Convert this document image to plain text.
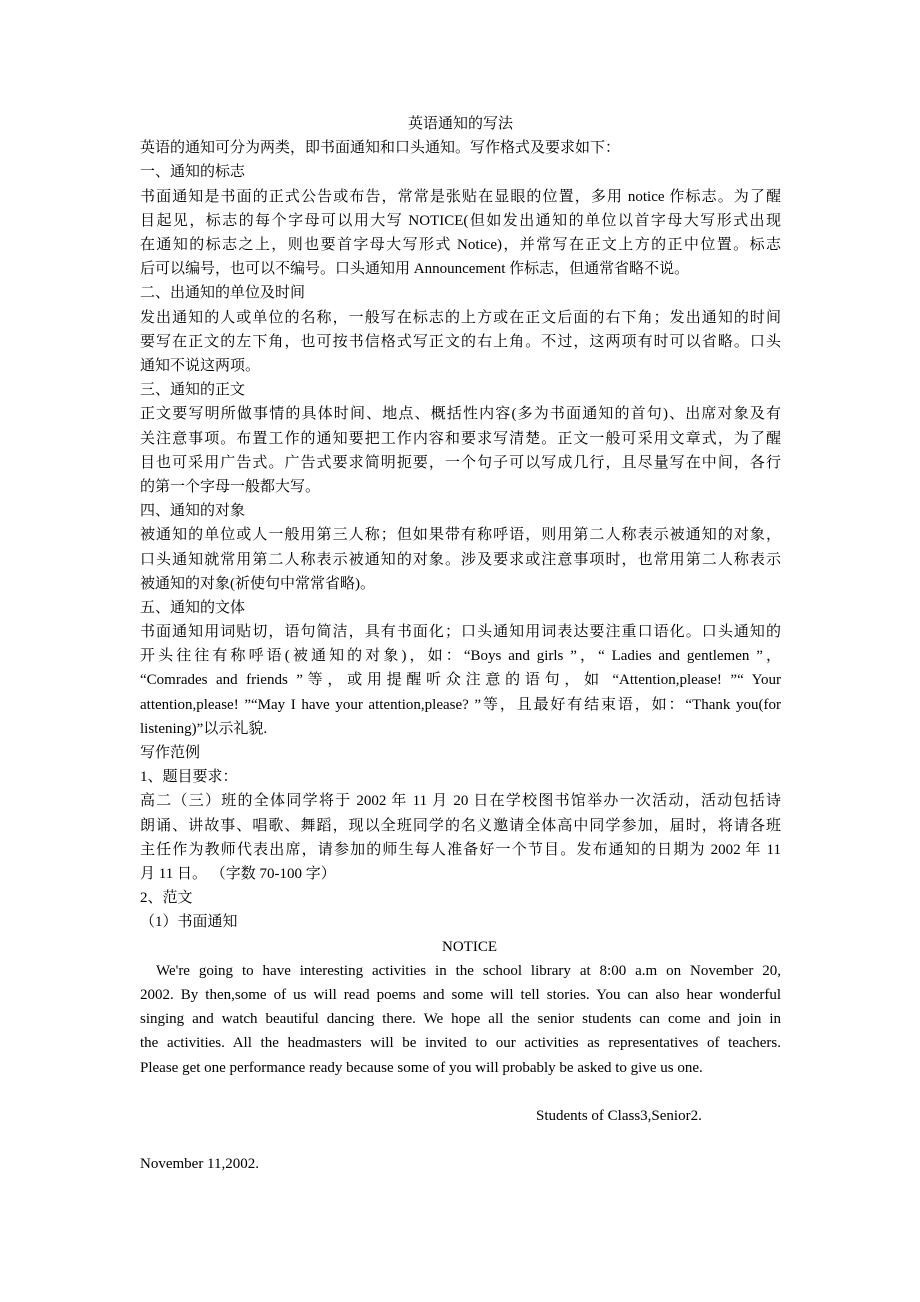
英语通知的写法
英语的通知可分为两类，即书面通知和口头通知。写作格式及要求如下：
一、通知的标志
书面通知是书面的正式公告或布告，常常是张贴在显眼的位置，多用 notice 作标志。为了醒
目起见，标志的每个字母可以用大写 NOTICE(但如发出通知的单位以首字母大写形式出现
在通知的标志之上，则也要首字母大写形式 Notice)，并常写在正文上方的正中位置。标志
后可以编号，也可以不编号。口头通知用 Announcement 作标志，但通常省略不说。
二、出通知的单位及时间
发出通知的人或单位的名称，一般写在标志的上方或在正文后面的右下角；发出通知的时间
要写在正文的左下角，也可按书信格式写正文的右上角。不过，这两项有时可以省略。口头
通知不说这两项。
三、通知的正文
正文要写明所做事情的具体时间、地点、概括性内容(多为书面通知的首句)、出席对象及有
关注意事项。布置工作的通知要把工作内容和要求写清楚。正文一般可采用文章式，为了醒
目也可采用广告式。广告式要求简明扼要，一个句子可以写成几行，且尽量写在中间，各行
的第一个字母一般都大写。
四、通知的对象
被通知的单位或人一般用第三人称；但如果带有称呼语，则用第二人称表示被通知的对象，
口头通知就常用第二人称表示被通知的对象。涉及要求或注意事项时，也常用第二人称表示
被通知的对象(祈使句中常常省略)。
五、通知的文体
书面通知用词贴切，语句简洁，具有书面化；口头通知用词表达要注重口语化。口头通知的
开头往往有称呼语(被通知的对象)，如：“Boys and girls ”，“ Ladies and gentlemen ”，
“Comrades and friends ”等，或用提醒听众注意的语句，如 “Attention,please! ”“ Your
attention,please! ”“May I have your attention,please? ”等，且最好有结束语，如：“Thank you(for
listening)”以示礼貌.
写作范例
1、题目要求：
高二（三）班的全体同学将于 2002 年 11 月 20 日在学校图书馆举办一次活动，活动包括诗
朗诵、讲故事、唱歌、舞蹈，现以全班同学的名义邀请全体高中同学参加，届时，将请各班
主任作为教师代表出席，请参加的师生每人准备好一个节目。发布通知的日期为 2002 年 11
月 11 日。 （字数 70-100 字）
2、范文
（1）书面通知
NOTICE
We're going to have interesting activities in the school library at 8:00 a.m on November 20,
2002. By then,some of us will read poems and some will tell stories. You can also hear wonderful
singing and watch beautiful dancing there. We hope all the senior students can come and join in
the activities. All the headmasters will be invited to our activities as representatives of teachers.
Please get one performance ready because some of you will probably be asked to give us one.
Students of Class3,Senior2.
November 11,2002.
